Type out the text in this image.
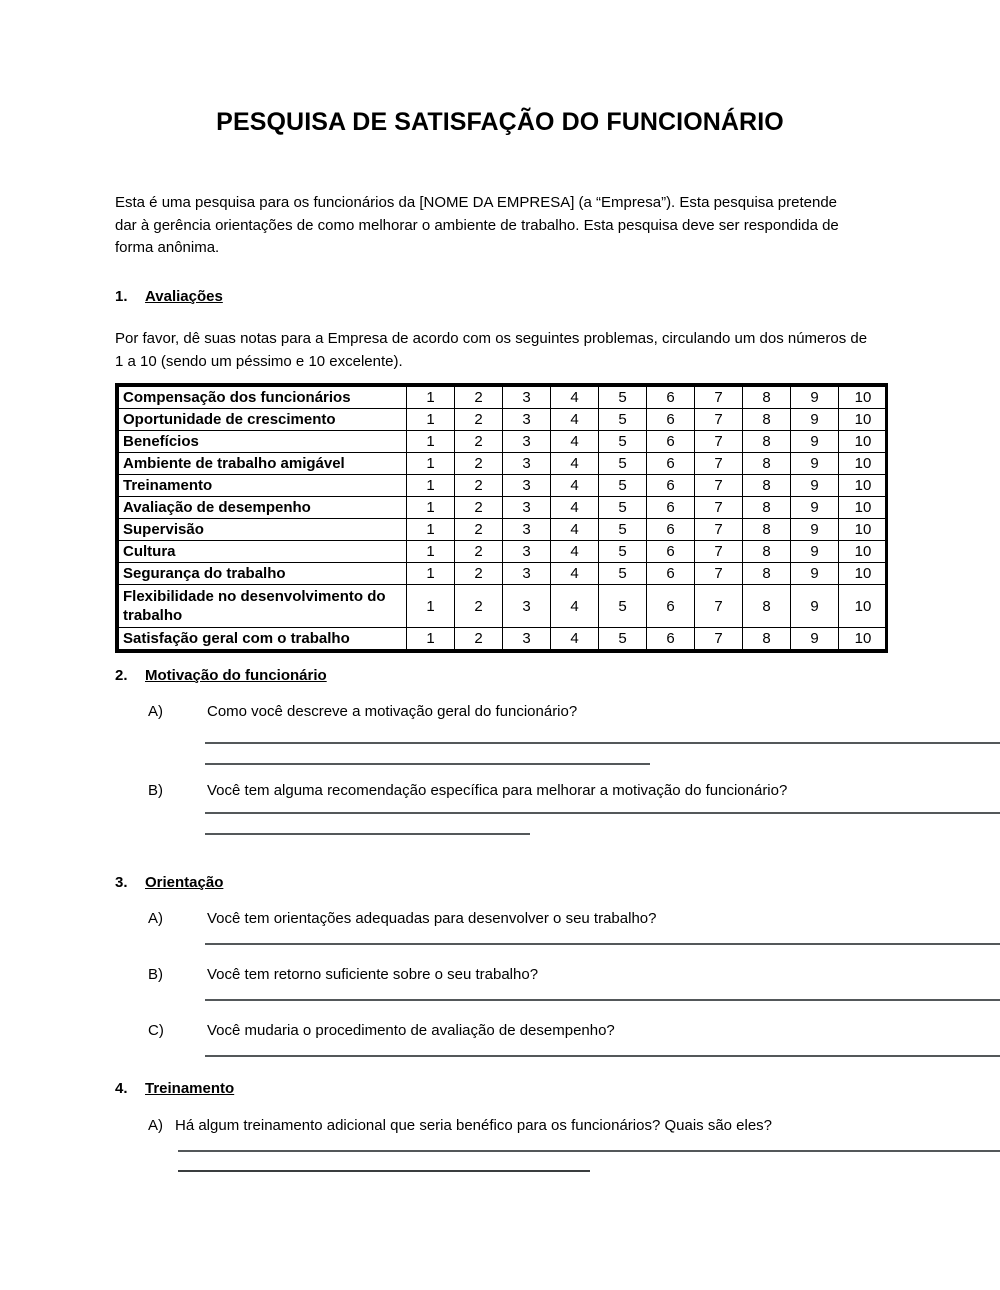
PESQUISA DE SATISFAÇÃO DO FUNCIONÁRIO
Esta é uma pesquisa para os funcionários da [NOME DA EMPRESA] (a “Empresa”). Esta pesquisa pretende dar à gerência orientações de como melhorar o ambiente de trabalho. Esta pesquisa deve ser respondida de forma anônima.
1. Avaliações
Por favor, dê suas notas para a Empresa de acordo com os seguintes problemas, circulando um dos números de 1 a 10 (sendo um péssimo e 10 excelente).
Compensação dos funcionários	1	2	3	4	5	6	7	8	9	10
Oportunidade de crescimento	1	2	3	4	5	6	7	8	9	10
Benefícios	1	2	3	4	5	6	7	8	9	10
Ambiente de trabalho amigável	1	2	3	4	5	6	7	8	9	10
Treinamento	1	2	3	4	5	6	7	8	9	10
Avaliação de desempenho	1	2	3	4	5	6	7	8	9	10
Supervisão	1	2	3	4	5	6	7	8	9	10
Cultura	1	2	3	4	5	6	7	8	9	10
Segurança do trabalho	1	2	3	4	5	6	7	8	9	10
Flexibilidade no desenvolvimento do trabalho	1	2	3	4	5	6	7	8	9	10
Satisfação geral com o trabalho	1	2	3	4	5	6	7	8	9	10
2. Motivação do funcionário
A)	Como você descreve a motivação geral do funcionário?
B)	Você tem alguma recomendação específica para melhorar a motivação do funcionário?
3. Orientação
A)	Você tem orientações adequadas para desenvolver o seu trabalho?
B)	Você tem retorno suficiente sobre o seu trabalho?
C)	Você mudaria o procedimento de avaliação de desempenho?
4. Treinamento
A) Há algum treinamento adicional que seria benéfico para os funcionários? Quais são eles?
